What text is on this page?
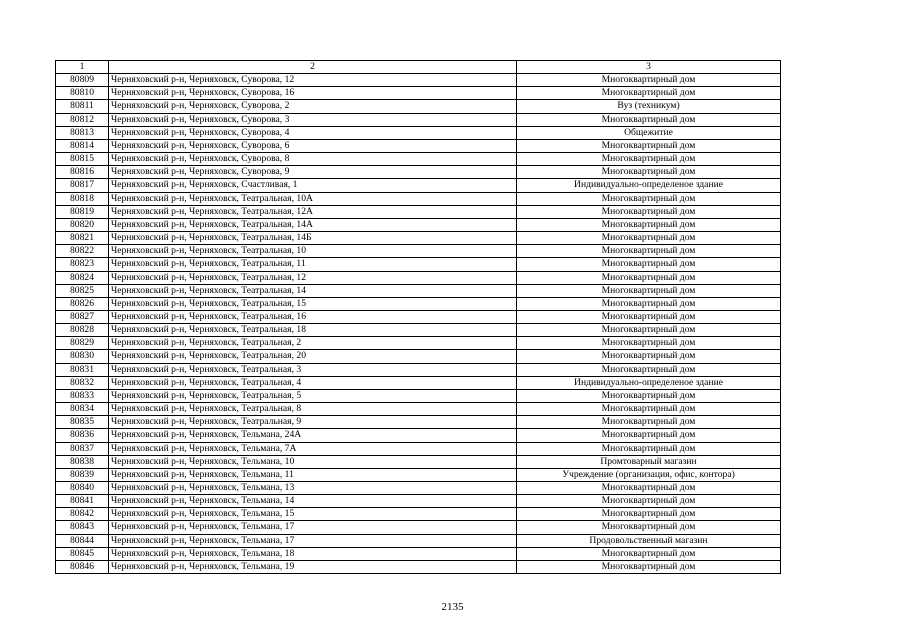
1	2	3
80809	Черняховский р-н, Черняховск, Суворова, 12	Многоквартирный дом
80810	Черняховский р-н, Черняховск, Суворова, 16	Многоквартирный дом
80811	Черняховский р-н, Черняховск, Суворова, 2	Вуз (техникум)
80812	Черняховский р-н, Черняховск, Суворова, 3	Многоквартирный дом
80813	Черняховский р-н, Черняховск, Суворова, 4	Общежитие
80814	Черняховский р-н, Черняховск, Суворова, 6	Многоквартирный дом
80815	Черняховский р-н, Черняховск, Суворова, 8	Многоквартирный дом
80816	Черняховский р-н, Черняховск, Суворова, 9	Многоквартирный дом
80817	Черняховский р-н, Черняховск, Счастливая, 1	Индивидуально-определеное здание
80818	Черняховский р-н, Черняховск, Театральная, 10А	Многоквартирный дом
80819	Черняховский р-н, Черняховск, Театральная, 12А	Многоквартирный дом
80820	Черняховский р-н, Черняховск, Театральная, 14А	Многоквартирный дом
80821	Черняховский р-н, Черняховск, Театральная, 14Б	Многоквартирный дом
80822	Черняховский р-н, Черняховск, Театральная, 10	Многоквартирный дом
80823	Черняховский р-н, Черняховск, Театральная, 11	Многоквартирный дом
80824	Черняховский р-н, Черняховск, Театральная, 12	Многоквартирный дом
80825	Черняховский р-н, Черняховск, Театральная, 14	Многоквартирный дом
80826	Черняховский р-н, Черняховск, Театральная, 15	Многоквартирный дом
80827	Черняховский р-н, Черняховск, Театральная, 16	Многоквартирный дом
80828	Черняховский р-н, Черняховск, Театральная, 18	Многоквартирный дом
80829	Черняховский р-н, Черняховск, Театральная, 2	Многоквартирный дом
80830	Черняховский р-н, Черняховск, Театральная, 20	Многоквартирный дом
80831	Черняховский р-н, Черняховск, Театральная, 3	Многоквартирный дом
80832	Черняховский р-н, Черняховск, Театральная, 4	Индивидуально-определеное здание
80833	Черняховский р-н, Черняховск, Театральная, 5	Многоквартирный дом
80834	Черняховский р-н, Черняховск, Театральная, 8	Многоквартирный дом
80835	Черняховский р-н, Черняховск, Театральная, 9	Многоквартирный дом
80836	Черняховский р-н, Черняховск, Тельмана, 24А	Многоквартирный дом
80837	Черняховский р-н, Черняховск, Тельмана, 7А	Многоквартирный дом
80838	Черняховский р-н, Черняховск, Тельмана, 10	Промтоварный магазин
80839	Черняховский р-н, Черняховск, Тельмана, 11	Учреждение (организация, офис, контора)
80840	Черняховский р-н, Черняховск, Тельмана, 13	Многоквартирный дом
80841	Черняховский р-н, Черняховск, Тельмана, 14	Многоквартирный дом
80842	Черняховский р-н, Черняховск, Тельмана, 15	Многоквартирный дом
80843	Черняховский р-н, Черняховск, Тельмана, 17	Многоквартирный дом
80844	Черняховский р-н, Черняховск, Тельмана, 17	Продовольственный магазин
80845	Черняховский р-н, Черняховск, Тельмана, 18	Многоквартирный дом
80846	Черняховский р-н, Черняховск, Тельмана, 19	Многоквартирный дом
2135
